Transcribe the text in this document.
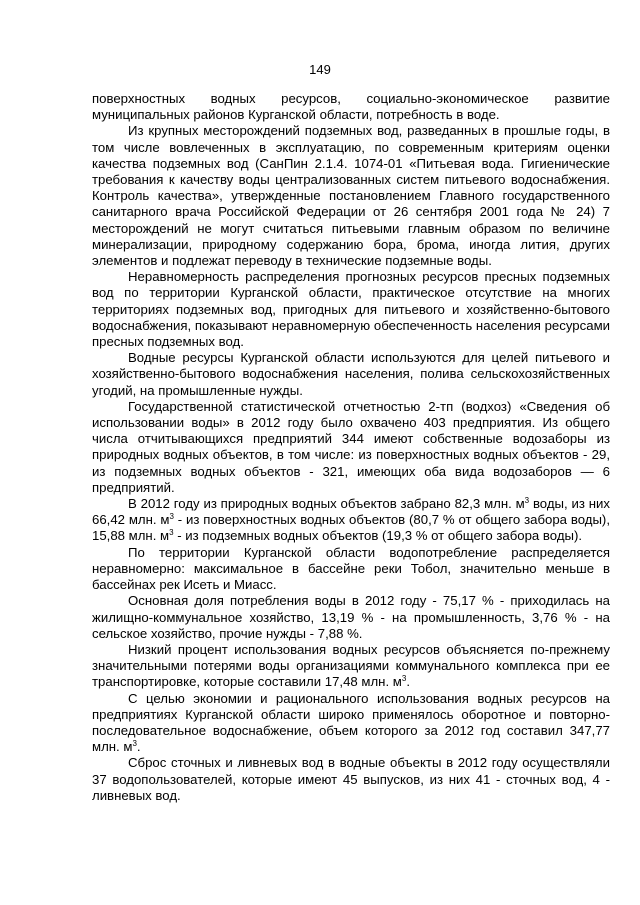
149

поверхностных водных ресурсов, социально-экономическое развитие муниципальных районов Курганской области, потребность в воде.

Из крупных месторождений подземных вод, разведанных в прошлые годы, в том числе вовлеченных в эксплуатацию, по современным критериям оценки качества подземных вод (СанПин 2.1.4. 1074-01 «Питьевая вода. Гигиенические требования к качеству воды централизованных систем питьевого водоснабжения. Контроль качества», утвержденные постановлением Главного государственного санитарного врача Российской Федерации от 26 сентября 2001 года № 24) 7 месторождений не могут считаться питьевыми главным образом по величине минерализации, природному содержанию бора, брома, иногда лития, других элементов и подлежат переводу в технические подземные воды.

Неравномерность распределения прогнозных ресурсов пресных подземных вод по территории Курганской области, практическое отсутствие на многих территориях подземных вод, пригодных для питьевого и хозяйственно-бытового водоснабжения, показывают неравномерную обеспеченность населения ресурсами пресных подземных вод.

Водные ресурсы Курганской области используются для целей питьевого и хозяйственно-бытового водоснабжения населения, полива сельскохозяйственных угодий, на промышленные нужды.

Государственной статистической отчетностью 2-тп (водхоз) «Сведения об использовании воды» в 2012 году было охвачено 403 предприятия. Из общего числа отчитывающихся предприятий 344 имеют собственные водозаборы из природных водных объектов, в том числе: из поверхностных водных объектов - 29, из подземных водных объектов - 321, имеющих оба вида водозаборов — 6 предприятий.

В 2012 году из природных водных объектов забрано 82,3 млн. $м^3$ воды, из них 66,42 млн. $м^3$ - из поверхностных водных объектов (80,7 % от общего забора воды), 15,88 млн. $м^3$ - из подземных водных объектов (19,3 % от общего забора воды).

По территории Курганской области водопотребление распределяется неравномерно: максимальное в бассейне реки Тобол, значительно меньше в бассейнах рек Исеть и Миасс.

Основная доля потребления воды в 2012 году - 75,17 % - приходилась на жилищно-коммунальное хозяйство, 13,19 % - на промышленность, 3,76 % - на сельское хозяйство, прочие нужды - 7,88 %.

Низкий процент использования водных ресурсов объясняется по-прежнему значительными потерями воды организациями коммунального комплекса при ее транспортировке, которые составили 17,48 млн. $м^3$.

С целью экономии и рационального использования водных ресурсов на предприятиях Курганской области широко применялось оборотное и повторно-последовательное водоснабжение, объем которого за 2012 год составил 347,77 млн. $м^3$.

Сброс сточных и ливневых вод в водные объекты в 2012 году осуществляли 37 водопользователей, которые имеют 45 выпусков, из них 41 - сточных вод, 4 - ливневых вод.
